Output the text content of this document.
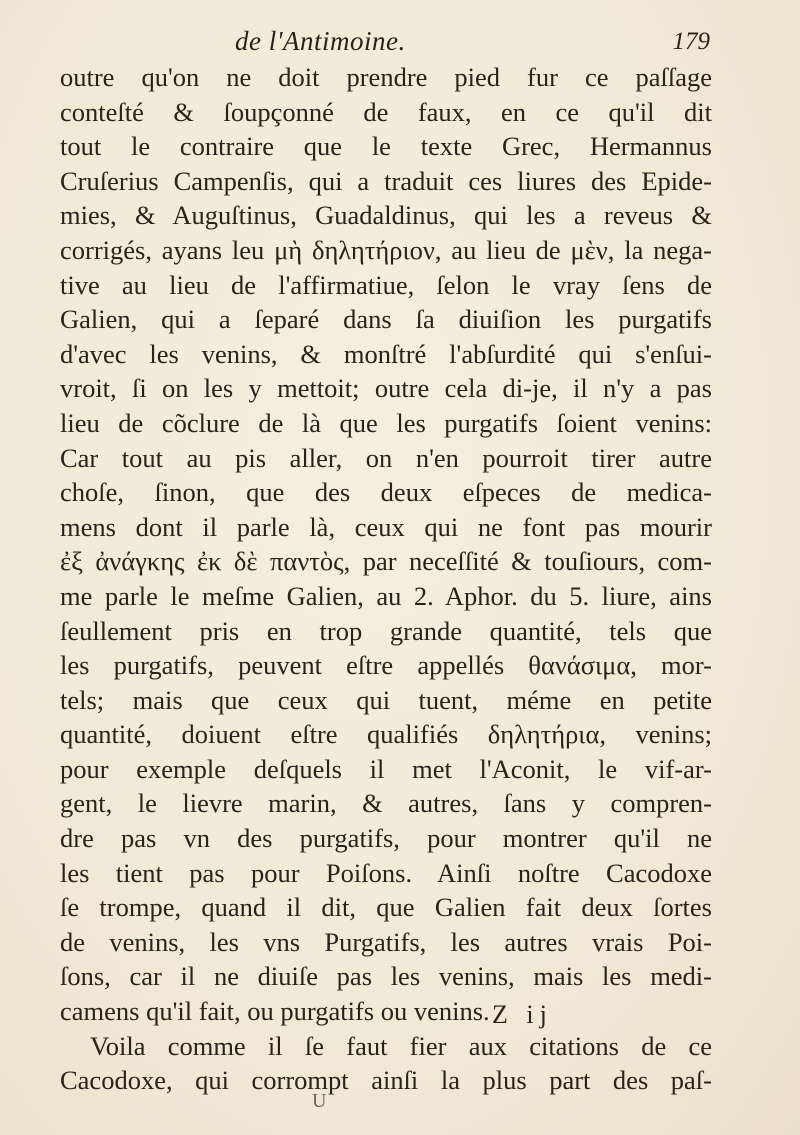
de l'Antimoine.	179
outre qu'on ne doit prendre pied fur ce paſſage
conteſté & ſoupçonné de faux, en ce qu'il dit
tout le contraire que le texte Grec, Hermannus
Cruſerius Campenſis, qui a traduit ces liures des Epide-
mies, & Auguſtinus, Guadaldinus, qui les a reveus &
corrigés, ayans leu μὴ δηλητήριον, au lieu de μὲν, la nega-
tive au lieu de l'affirmatiue, ſelon le vray ſens de
Galien, qui a ſeparé dans ſa diuiſion les purgatifs
d'avec les venins, & monſtré l'abſurdité qui s'enſui-
vroit, ſi on les y mettoit; outre cela di-je, il n'y a pas
lieu de cõclure de là que les purgatifs ſoient venins:
Car tout au pis aller, on n'en pourroit tirer autre
choſe, ſinon, que des deux eſpeces de medica-
mens dont il parle là, ceux qui ne font pas mourir
ἐξ ἀνάγκης ἐκ δὲ παντὸς, par neceſſité & touſiours, com-
me parle le meſme Galien, au 2. Aphor. du 5. liure, ains
ſeullement pris en trop grande quantité, tels que
les purgatifs, peuvent eſtre appellés θανάσιμα, mor-
tels; mais que ceux qui tuent, méme en petite
quantité, doiuent eſtre qualifiés δηλητήρια, venins;
pour exemple deſquels il met l'Aconit, le vif-ar-
gent, le lievre marin, & autres, ſans y compren-
dre pas vn des purgatifs, pour montrer qu'il ne
les tient pas pour Poiſons. Ainſi noſtre Cacodoxe
ſe trompe, quand il dit, que Galien fait deux ſortes
de venins, les vns Purgatifs, les autres vrais Poi-
ſons, car il ne diuiſe pas les venins, mais les medi-
camens qu'il fait, ou purgatifs ou venins.
Voila comme il ſe faut fier aux citations de ce
Cacodoxe, qui corrompt ainſi la plus part des paſ-
Z ij
U
